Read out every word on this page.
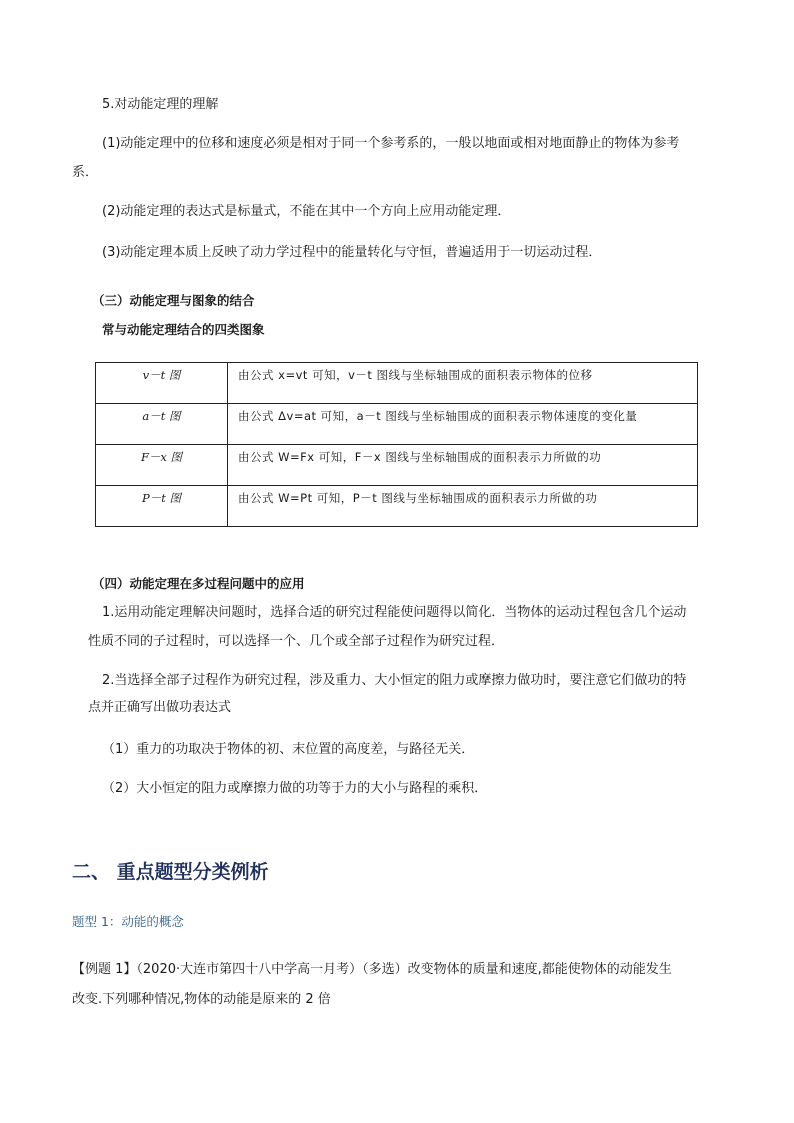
5.对动能定理的理解
(1)动能定理中的位移和速度必须是相对于同一个参考系的，一般以地面或相对地面静止的物体为参考
系．
(2)动能定理的表达式是标量式，不能在其中一个方向上应用动能定理．
(3)动能定理本质上反映了动力学过程中的能量转化与守恒，普遍适用于一切运动过程．
（三）动能定理与图象的结合
常与动能定理结合的四类图象
v－t 图	由公式 x=vt 可知，v－t 图线与坐标轴围成的面积表示物体的位移
a－t 图	由公式 Δv=at 可知，a－t 图线与坐标轴围成的面积表示物体速度的变化量
F－x 图	由公式 W=Fx 可知，F－x 图线与坐标轴围成的面积表示力所做的功
P－t 图	由公式 W=Pt 可知，P－t 图线与坐标轴围成的面积表示力所做的功
（四）动能定理在多过程问题中的应用
1.运用动能定理解决问题时，选择合适的研究过程能使问题得以简化．当物体的运动过程包含几个运动
性质不同的子过程时，可以选择一个、几个或全部子过程作为研究过程．
2.当选择全部子过程作为研究过程，涉及重力、大小恒定的阻力或摩擦力做功时，要注意它们做功的特
点并正确写出做功表达式
（1）重力的功取决于物体的初、末位置的高度差，与路径无关．
（2）大小恒定的阻力或摩擦力做的功等于力的大小与路程的乘积．
二、 重点题型分类例析
题型 1：动能的概念
【例题 1】（2020·大连市第四十八中学高一月考）（多选）改变物体的质量和速度,都能使物体的动能发生
改变.下列哪种情况,物体的动能是原来的 2 倍
